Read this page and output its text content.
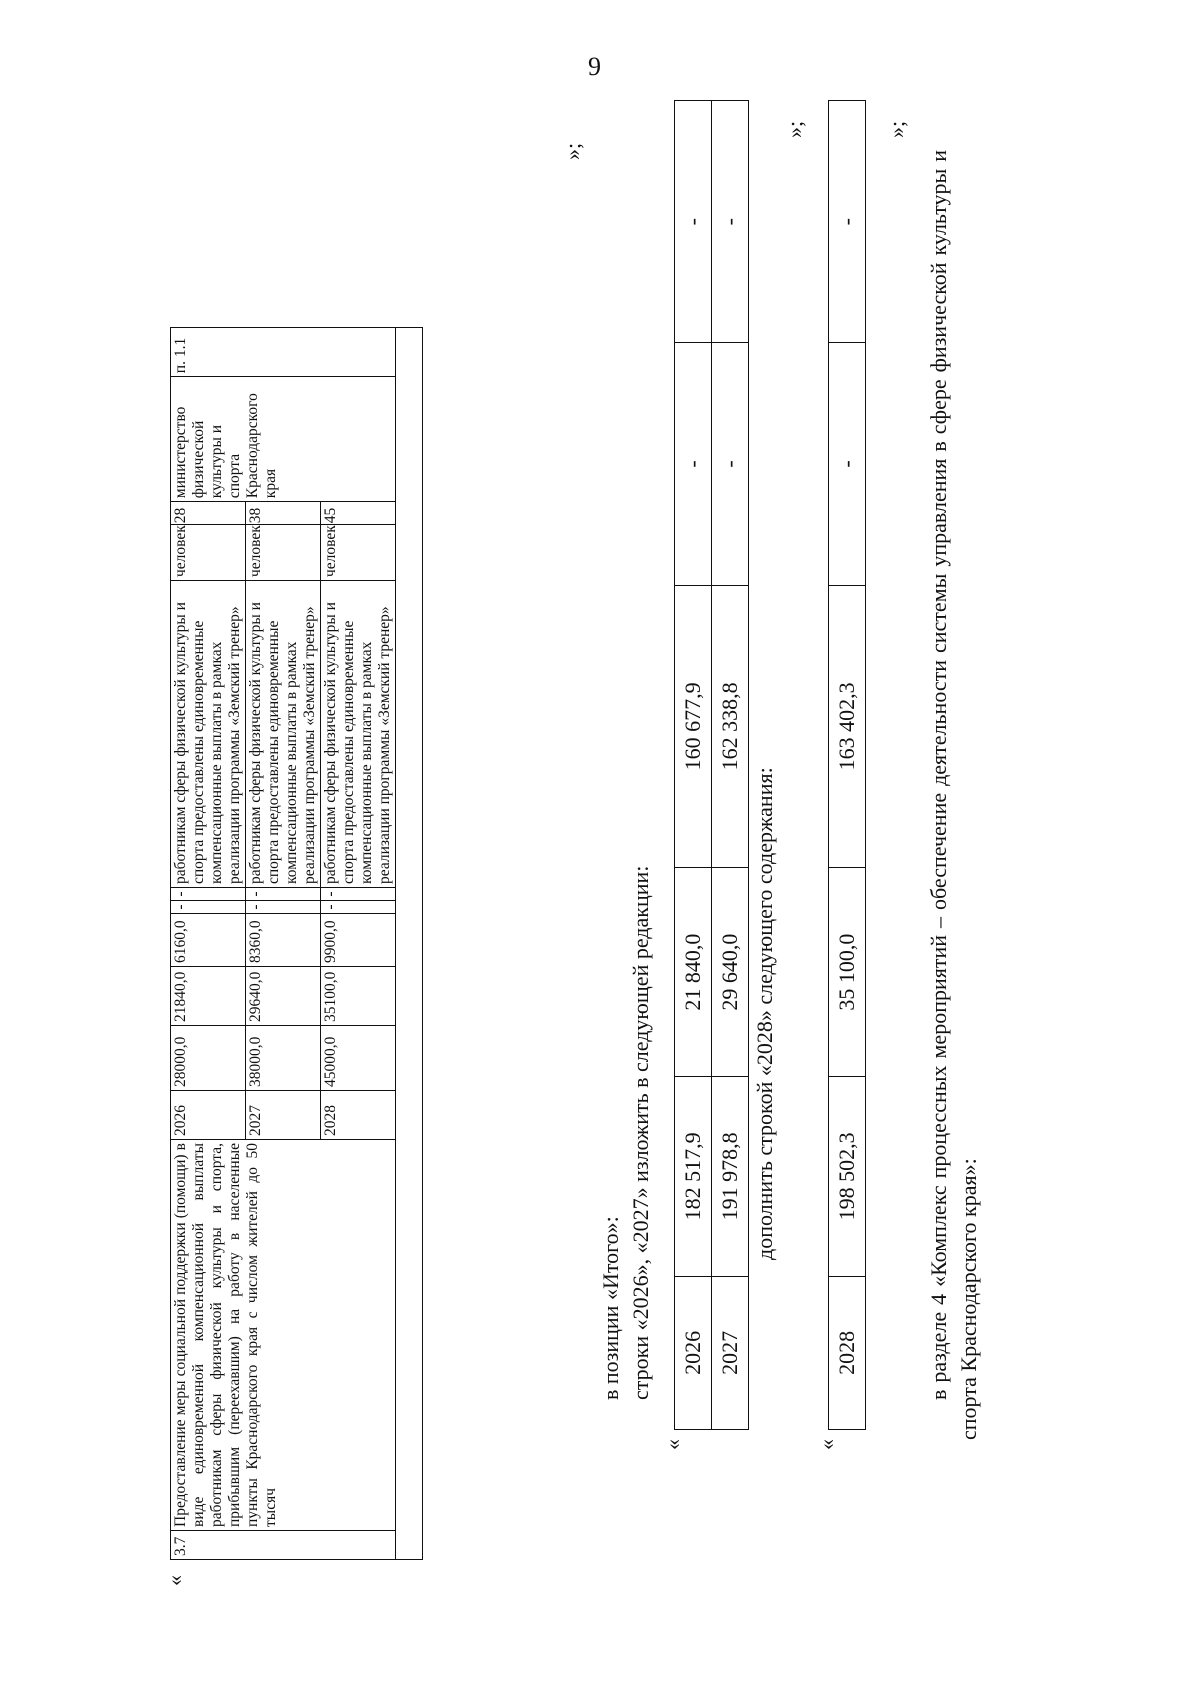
9
«
3.7	Предоставление меры социальной поддержки (помощи) в виде единовременной компенсационной выплаты работникам сферы физической культуры и спорта, прибывшим (переехавшим) на работу в населенные пункты Краснодарского края с числом жителей до 50 тысяч	2026	28000,0	21840,0	6160,0	-	-	работникам сферы физической культуры и спорта предоставлены единовременные компенсационные выплаты в рамках реализации программы «Земский тренер»	человек	28	министерство физической культуры и спорта Краснодарского края	п. 1.1
		2027	38000,0	29640,0	8360,0	-	-	работникам сферы физической культуры и спорта предоставлены единовременные компенсационные выплаты в рамках реализации программы «Земский тренер»	человек	38		
		2028	45000,0	35100,0	9900,0	-	-	работникам сферы физической культуры и спорта предоставлены единовременные компенсационные выплаты в рамках реализации программы «Земский тренер»	человек	45		

»;
в позиции «Итого»: строки «2026», «2027» изложить в следующей редакции:
«
2026	182 517,9	21 840,0	160 677,9	-	-
2027	191 978,8	29 640,0	162 338,8	-	-
»;
дополнить строкой «2028» следующего содержания:
«
2028	198 502,3	35 100,0	163 402,3	-	-
»;
в разделе 4 «Комплекс процессных мероприятий – обеспечение деятельности системы управления в сфере физической культуры и спорта Краснодарского края»:
